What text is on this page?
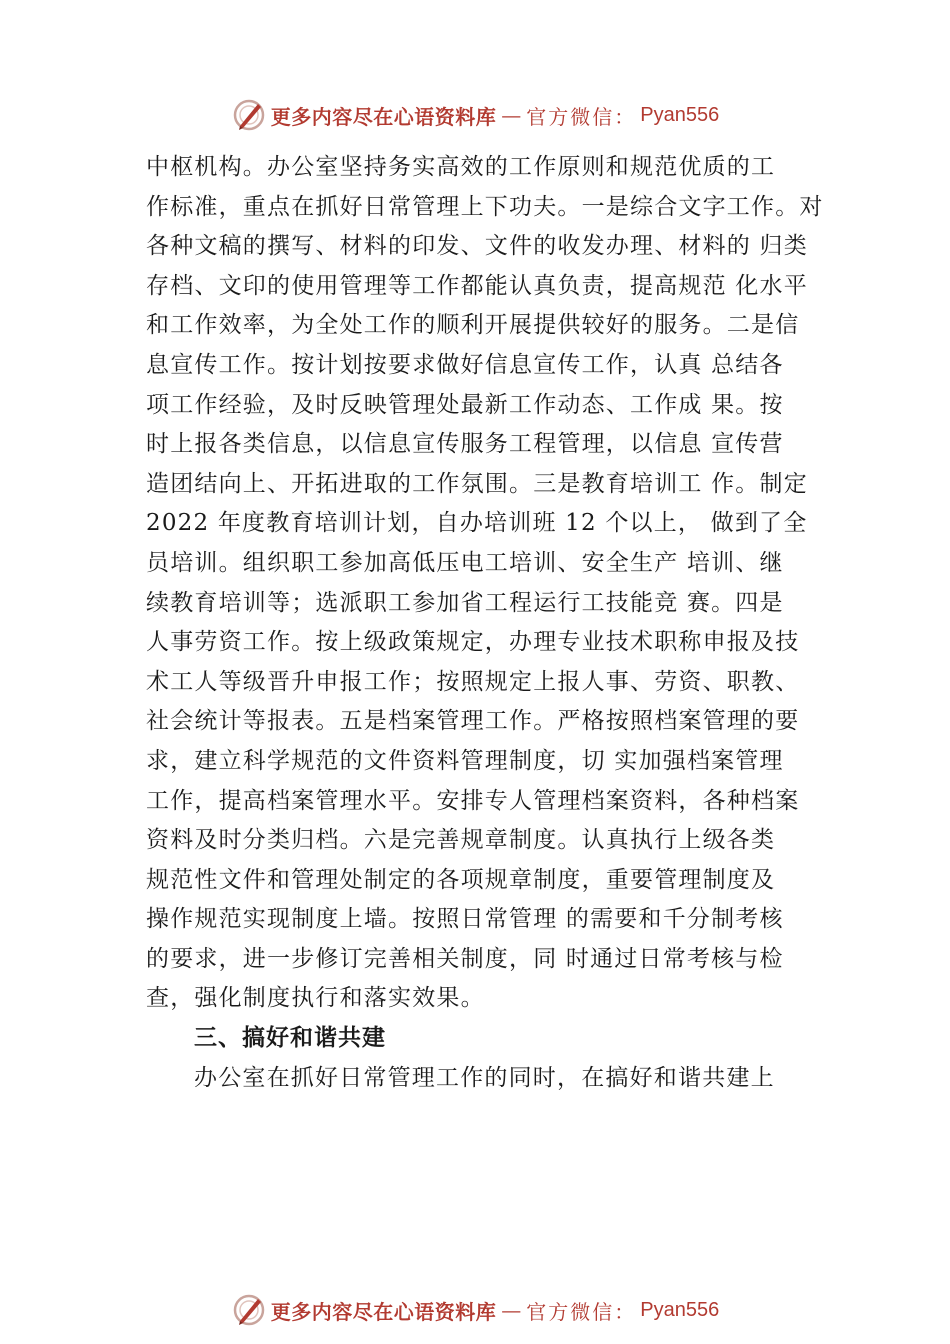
更多内容尽在心语资料库 — 官方微信： Pyan556
中枢机构。办公室坚持务实高效的工作原则和规范优质的工
作标准，重点在抓好日常管理上下功夫。一是综合文字工作。对
各种文稿的撰写、材料的印发、文件的收发办理、材料的 归类
存档、文印的使用管理等工作都能认真负责，提高规范 化水平
和工作效率，为全处工作的顺利开展提供较好的服务。二是信
息宣传工作。按计划按要求做好信息宣传工作，认真 总结各
项工作经验，及时反映管理处最新工作动态、工作成 果。按
时上报各类信息，以信息宣传服务工程管理，以信息 宣传营
造团结向上、开拓进取的工作氛围。三是教育培训工 作。制定
2022 年度教育培训计划，自办培训班 12 个以上， 做到了全
员培训。组织职工参加高低压电工培训、安全生产 培训、继
续教育培训等；选派职工参加省工程运行工技能竞 赛。四是
人事劳资工作。按上级政策规定，办理专业技术职称申报及技
术工人等级晋升申报工作；按照规定上报人事、劳资、职教、
社会统计等报表。五是档案管理工作。严格按照档案管理的要
求，建立科学规范的文件资料管理制度，切 实加强档案管理
工作，提高档案管理水平。安排专人管理档案资料，各种档案
资料及时分类归档。六是完善规章制度。认真执行上级各类
规范性文件和管理处制定的各项规章制度，重要管理制度及
操作规范实现制度上墙。按照日常管理 的需要和千分制考核
的要求，进一步修订完善相关制度，同 时通过日常考核与检
查，强化制度执行和落实效果。
三、搞好和谐共建
办公室在抓好日常管理工作的同时，在搞好和谐共建上
更多内容尽在心语资料库 — 官方微信： Pyan556
